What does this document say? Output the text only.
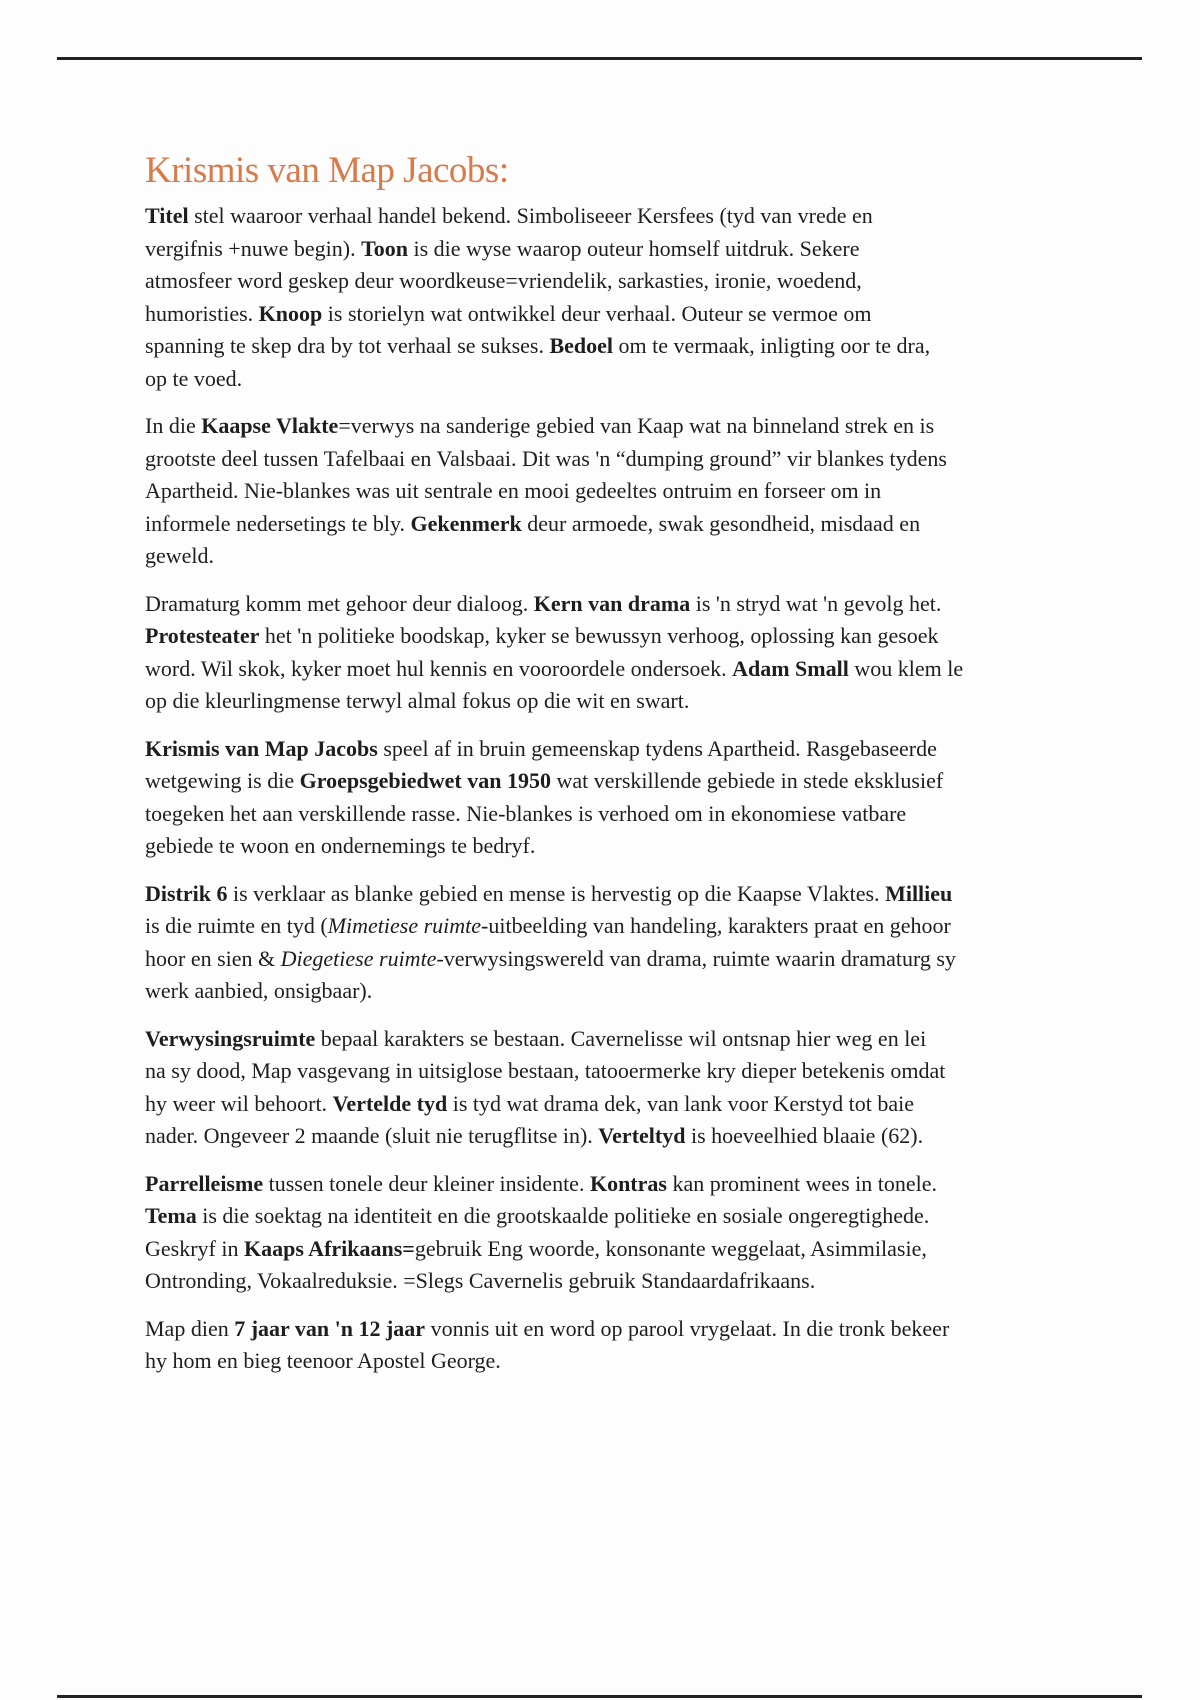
Krismis van Map Jacobs:

Titel stel waaroor verhaal handel bekend. Simboliseeer Kersfees (tyd van vrede en
vergifnis +nuwe begin). Toon is die wyse waarop outeur homself uitdruk. Sekere
atmosfeer word geskep deur woordkeuse=vriendelik, sarkasties, ironie, woedend,
humoristies. Knoop is storielyn wat ontwikkel deur verhaal. Outeur se vermoe om
spanning te skep dra by tot verhaal se sukses. Bedoel om te vermaak, inligting oor te dra,
op te voed.

In die Kaapse Vlakte=verwys na sanderige gebied van Kaap wat na binneland strek en is
grootste deel tussen Tafelbaai en Valsbaai. Dit was 'n “dumping ground” vir blankes tydens
Apartheid. Nie-blankes was uit sentrale en mooi gedeeltes ontruim en forseer om in
informele nedersetings te bly. Gekenmerk deur armoede, swak gesondheid, misdaad en
geweld.

Dramaturg komm met gehoor deur dialoog. Kern van drama is 'n stryd wat 'n gevolg het.
Protesteater het 'n politieke boodskap, kyker se bewussyn verhoog, oplossing kan gesoek
word. Wil skok, kyker moet hul kennis en vooroordele ondersoek. Adam Small wou klem le
op die kleurlingmense terwyl almal fokus op die wit en swart.

Krismis van Map Jacobs speel af in bruin gemeenskap tydens Apartheid. Rasgebaseerde
wetgewing is die Groepsgebiedwet van 1950 wat verskillende gebiede in stede eksklusief
toegeken het aan verskillende rasse. Nie-blankes is verhoed om in ekonomiese vatbare
gebiede te woon en ondernemings te bedryf.

Distrik 6 is verklaar as blanke gebied en mense is hervestig op die Kaapse Vlaktes. Millieu
is die ruimte en tyd (Mimetiese ruimte-uitbeelding van handeling, karakters praat en gehoor
hoor en sien & Diegetiese ruimte-verwysingswereld van drama, ruimte waarin dramaturg sy
werk aanbied, onsigbaar).

Verwysingsruimte bepaal karakters se bestaan. Cavernelisse wil ontsnap hier weg en lei
na sy dood, Map vasgevang in uitsiglose bestaan, tatooermerke kry dieper betekenis omdat
hy weer wil behoort. Vertelde tyd is tyd wat drama dek, van lank voor Kerstyd tot baie
nader. Ongeveer 2 maande (sluit nie terugflitse in). Verteltyd is hoeveelhied blaaie (62).

Parrelleisme tussen tonele deur kleiner insidente. Kontras kan prominent wees in tonele.
Tema is die soektag na identiteit en die grootskaalde politieke en sosiale ongeregtighede.
Geskryf in Kaaps Afrikaans=gebruik Eng woorde, konsonante weggelaat, Asimmilasie,
Ontronding, Vokaalreduksie. =Slegs Cavernelis gebruik Standaardafrikaans.

Map dien 7 jaar van 'n 12 jaar vonnis uit en word op parool vrygelaat. In die tronk bekeer
hy hom en bieg teenoor Apostel George.
